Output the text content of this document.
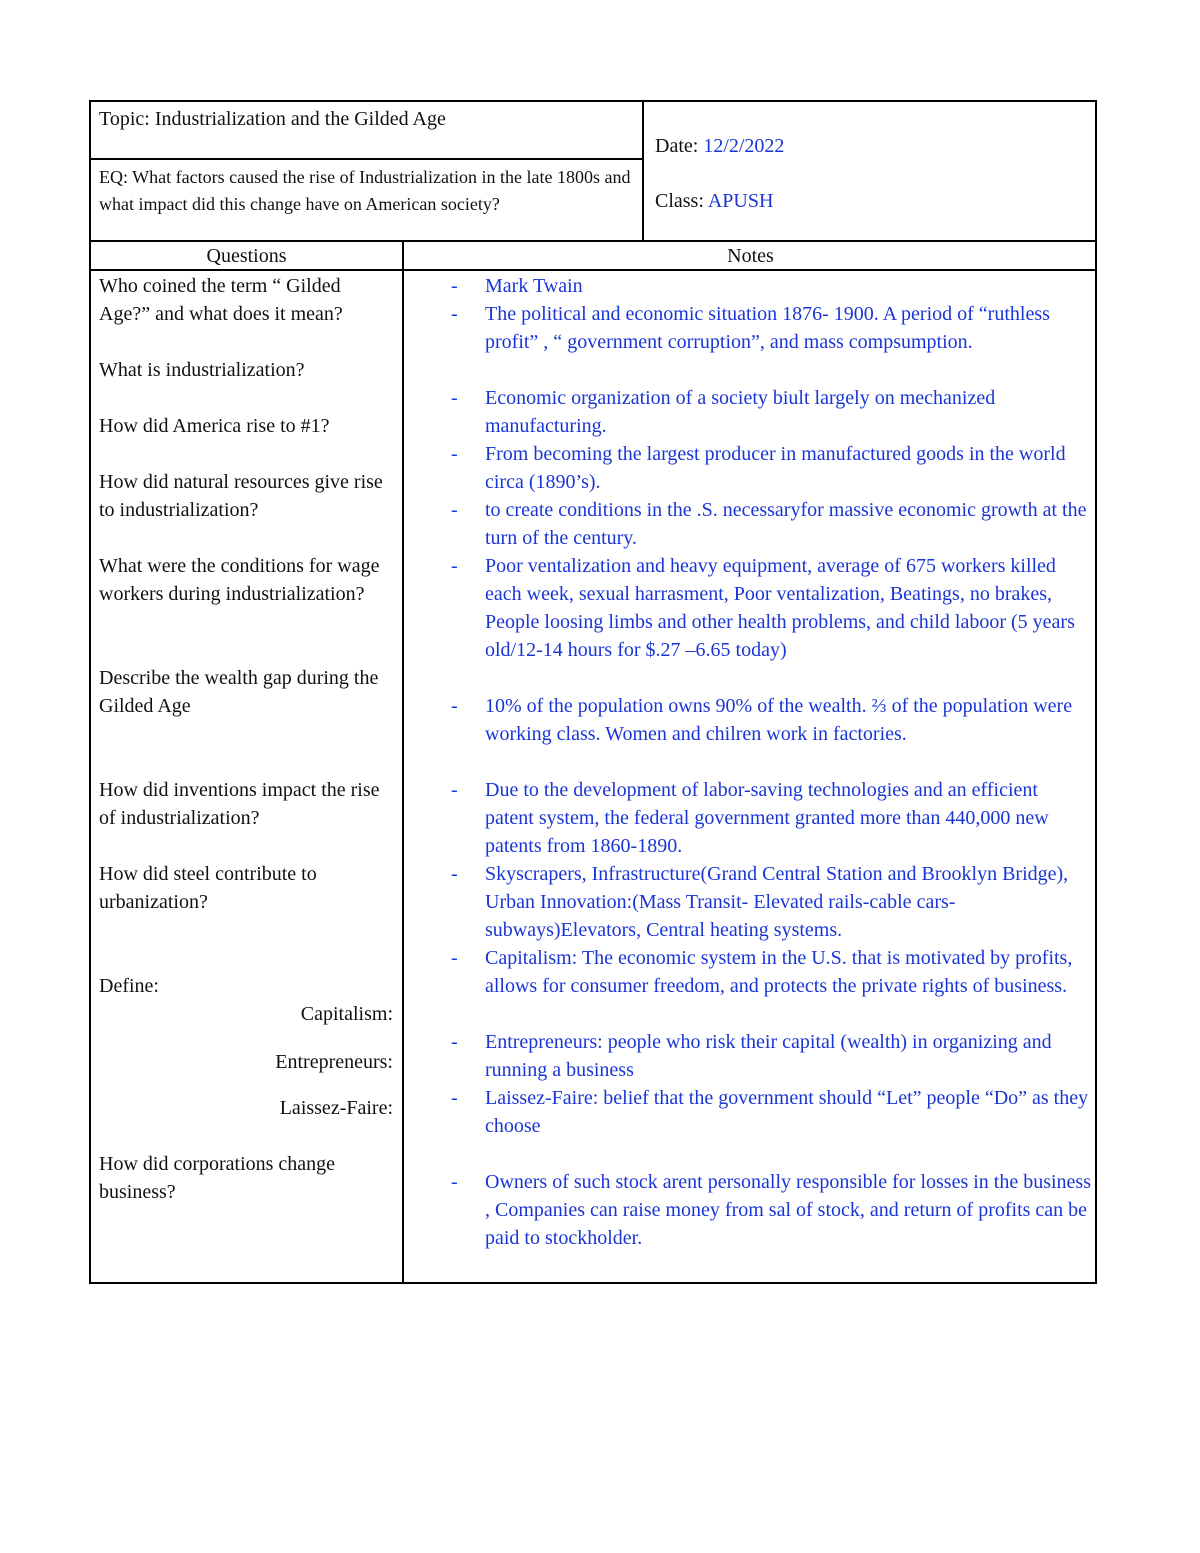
Topic: Industrialization and the Gilded Age
EQ: What factors caused the rise of Industrialization in the late 1800s and what impact did this change have on American society?
Date: 12/2/2022
Class: APUSH
Questions	Notes
Who coined the term “ Gilded Age?” and what does it mean?
What is industrialization?
How did America rise to #1?
How did natural resources give rise to industrialization?
What were the conditions for wage workers during industrialization?
Describe the wealth gap during the Gilded Age
How did inventions impact the rise of industrialization?
How did steel contribute to urbanization?
Define:
Capitalism:
Entrepreneurs:
Laissez-Faire:
How did corporations change business?
- Mark Twain
- The political and economic situation 1876- 1900. A period of “ruthless profit” , “ government corruption”, and mass compsumption.
- Economic organization of a society biult largely on mechanized manufacturing.
- From becoming the largest producer in manufactured goods in the world circa (1890’s).
- to create conditions in the .S. necessaryfor massive economic growth at the turn of the century.
- Poor ventalization and heavy equipment, average of 675 workers killed each week, sexual harrasment, Poor ventalization, Beatings, no brakes, People loosing limbs and other health problems, and child laboor (5 years old/12-14 hours for $.27 –6.65 today)
- 10% of the population owns 90% of the wealth. ⅔ of the population were working class. Women and chilren work in factories.
- Due to the development of labor-saving technologies and an efficient patent system, the federal government granted more than 440,000 new patents from 1860-1890.
- Skyscrapers, Infrastructure(Grand Central Station and Brooklyn Bridge), Urban Innovation:(Mass Transit- Elevated rails-cable cars- subways)Elevators, Central heating systems.
- Capitalism: The economic system in the U.S. that is motivated by profits, allows for consumer freedom, and protects the private rights of business.
- Entrepreneurs: people who risk their capital (wealth) in organizing and running a business
- Laissez-Faire: belief that the government should “Let” people “Do” as they choose
- Owners of such stock arent personally responsible for losses in the business , Companies can raise money from sal of stock, and return of profits can be paid to stockholder.
